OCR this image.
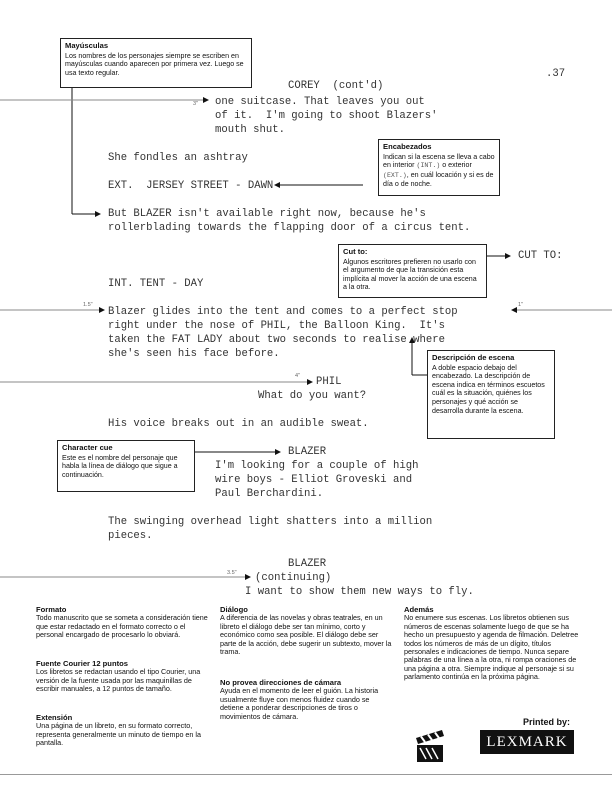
.37
3"
1.5"	1"
4"
3.5"
Mayúsculas
Los nombres de los personajes siempre se escriben en mayúsculas cuando aparecen por primera vez. Luego se usa texto regular.
Encabezados
Indican si la escena se lleva a cabo en interior (INT.) o exterior (EXT.), en cuál locación y si es de día o de noche.
Cut to:
Algunos escritores prefieren no usarlo con el argumento de que la transición esta implícita al mover la acción de una escena a la otra.
Descripción de escena
A doble espacio debajo del encabezado. La descripción de escena indica en términos escuetos cuál es la situación, quiénes los personajes y qué acción se desarrolla durante la escena.
Character cue
Este es el nombre del personaje que habla la línea de diálogo que sigue a continuación.
COREY  (cont'd)
one suitcase. That leaves you out
of it.  I'm going to shoot Blazers'
mouth shut.
She fondles an ashtray
EXT.  JERSEY STREET - DAWN
But BLAZER isn't available right now, because he's
rollerblading towards the flapping door of a circus tent.
CUT TO:
INT. TENT - DAY
Blazer glides into the tent and comes to a perfect stop
right under the nose of PHIL, the Balloon King.  It's
taken the FAT LADY about two seconds to realise where
she's seen his face before.
PHIL
What do you want?
His voice breaks out in an audible sweat.
BLAZER
I'm looking for a couple of high
wire boys - Elliot Groveski and
Paul Berchardini.
The swinging overhead light shatters into a million
pieces.
BLAZER
(continuing)
I want to show them new ways to fly.
Formato
Todo manuscrito que se someta a consideración tiene que estar redactado en el formato correcto o el personal encargado de procesarlo lo obviará.
Fuente Courier 12 puntos
Los libretos se redactan usando el tipo Courier, una versión de la fuente usada por las maquinillas de escribir manuales, a 12 puntos de tamaño.
Extensión
Una página de un libreto, en su formato correcto, representa generalmente un minuto de tiempo en la pantalla.
Diálogo
A diferencia de las novelas y obras teatrales, en un libreto el diálogo debe ser tan mínimo, corto y económico como sea posible. El diálogo debe ser parte de la acción, debe sugerir un subtexto, mover la trama.
No provea direcciones de cámara
Ayuda en el momento de leer el guión. La historia usualmente fluye con menos fluidez cuando se detiene a ponderar descripciones de tiros o movimientos de cámara.
Además
No enumere sus escenas. Los libretos obtienen sus números de escenas solamente luego de que se ha hecho un presupuesto y agenda de filmación. Deletree todos los números de más de un dígito, títulos personales e indicaciones de tiempo. Nunca separe palabras de una línea a la otra, ni rompa oraciones de una página a otra. Siempre indique al personaje si su parlamento continúa en la próxima página.
Printed by:
LEXMARK
